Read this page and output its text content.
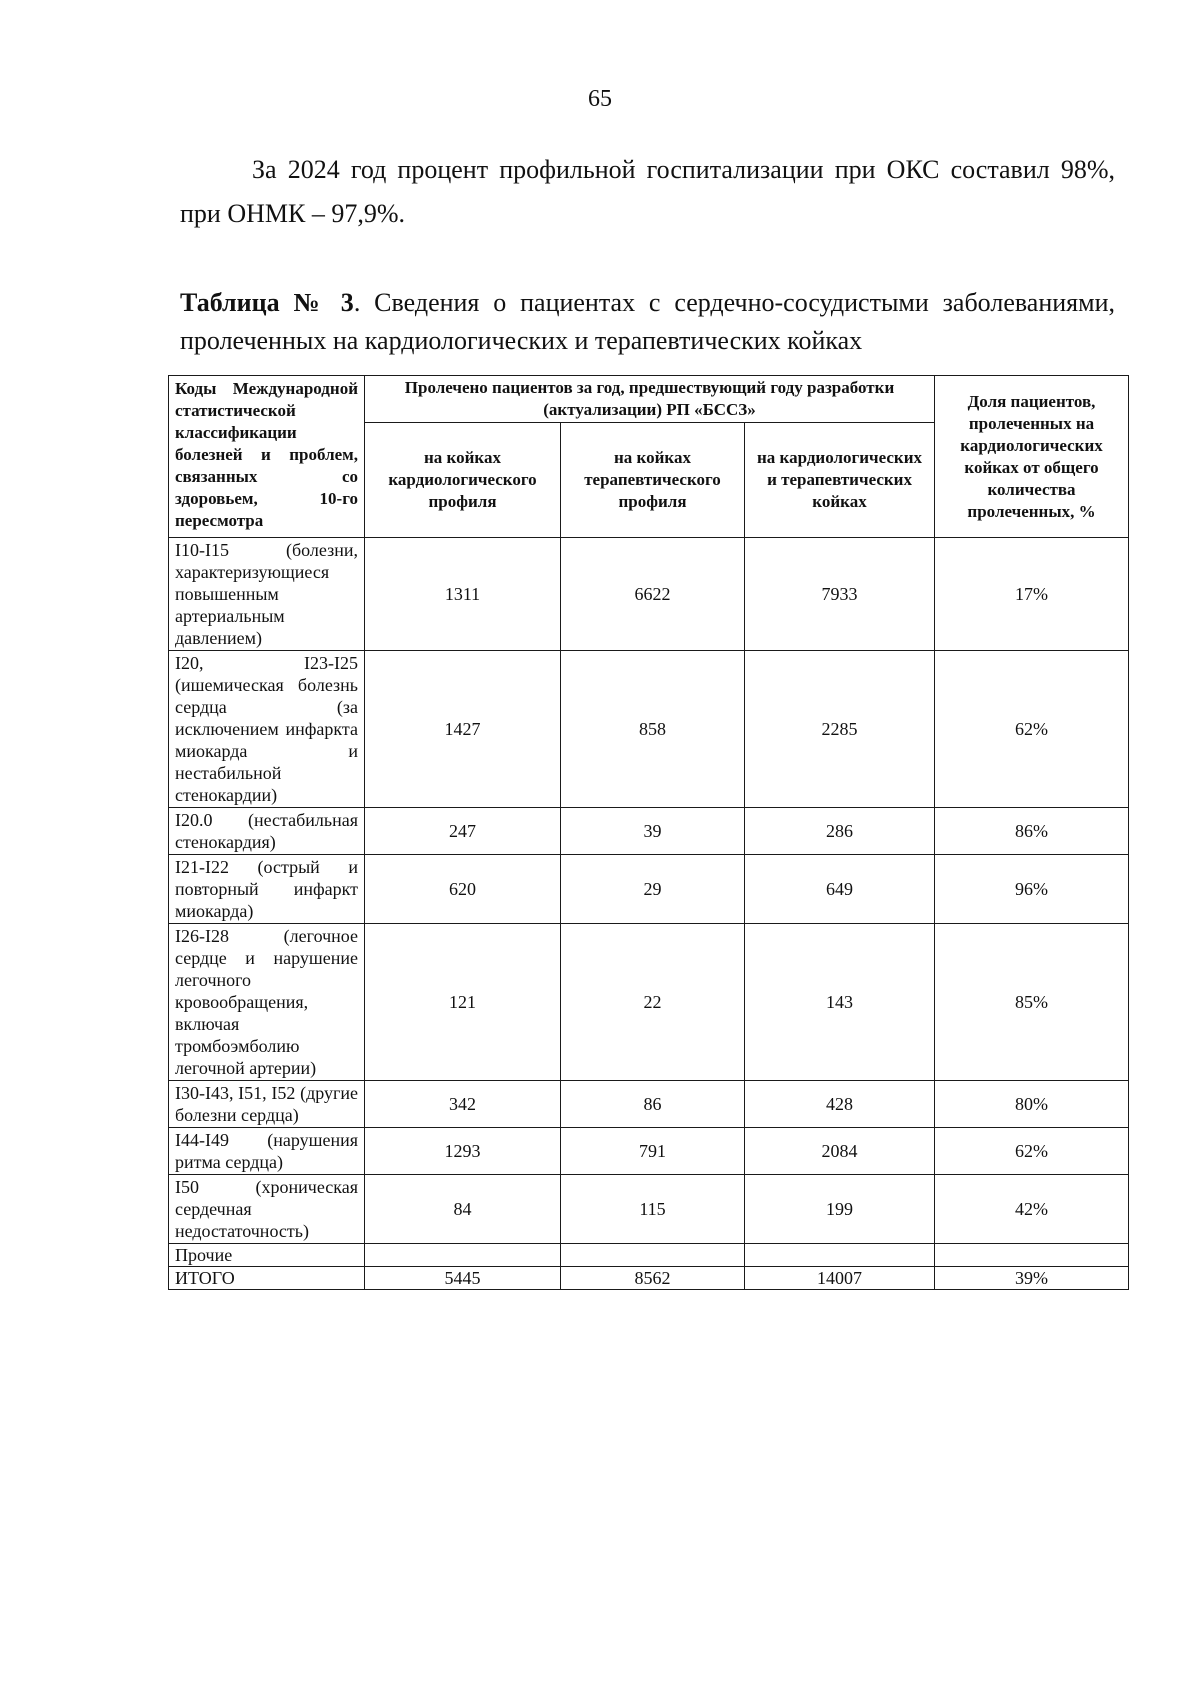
65

За 2024 год процент профильной госпитализации при ОКС составил 98%, при ОНМК – 97,9%.

Таблица № 3. Сведения о пациентах с сердечно-сосудистыми заболеваниями, пролеченных на кардиологических и терапевтических койках

Коды Международной статистической классификации болезней и проблем, связанных со здоровьем, 10-го пересмотра	Пролечено пациентов за год, предшествующий году разработки (актуализации) РП «БССЗ»			Доля пациентов, пролеченных на кардиологических койках от общего количества пролеченных, %
	на койках кардиологического профиля	на койках терапевтического профиля	на кардиологических и терапевтических койках	
I10-I15 (болезни, характеризующиеся повышенным артериальным давлением)	1311	6622	7933	17%
I20, I23-I25 (ишемическая болезнь сердца (за исключением инфаркта миокарда и нестабильной стенокардии)	1427	858	2285	62%
I20.0 (нестабильная стенокардия)	247	39	286	86%
I21-I22 (острый и повторный инфаркт миокарда)	620	29	649	96%
I26-I28 (легочное сердце и нарушение легочного кровообращения, включая тромбоэмболию легочной артерии)	121	22	143	85%
I30-I43, I51, I52 (другие болезни сердца)	342	86	428	80%
I44-I49 (нарушения ритма сердца)	1293	791	2084	62%
I50 (хроническая сердечная недостаточность)	84	115	199	42%
Прочие				
ИТОГО	5445	8562	14007	39%
